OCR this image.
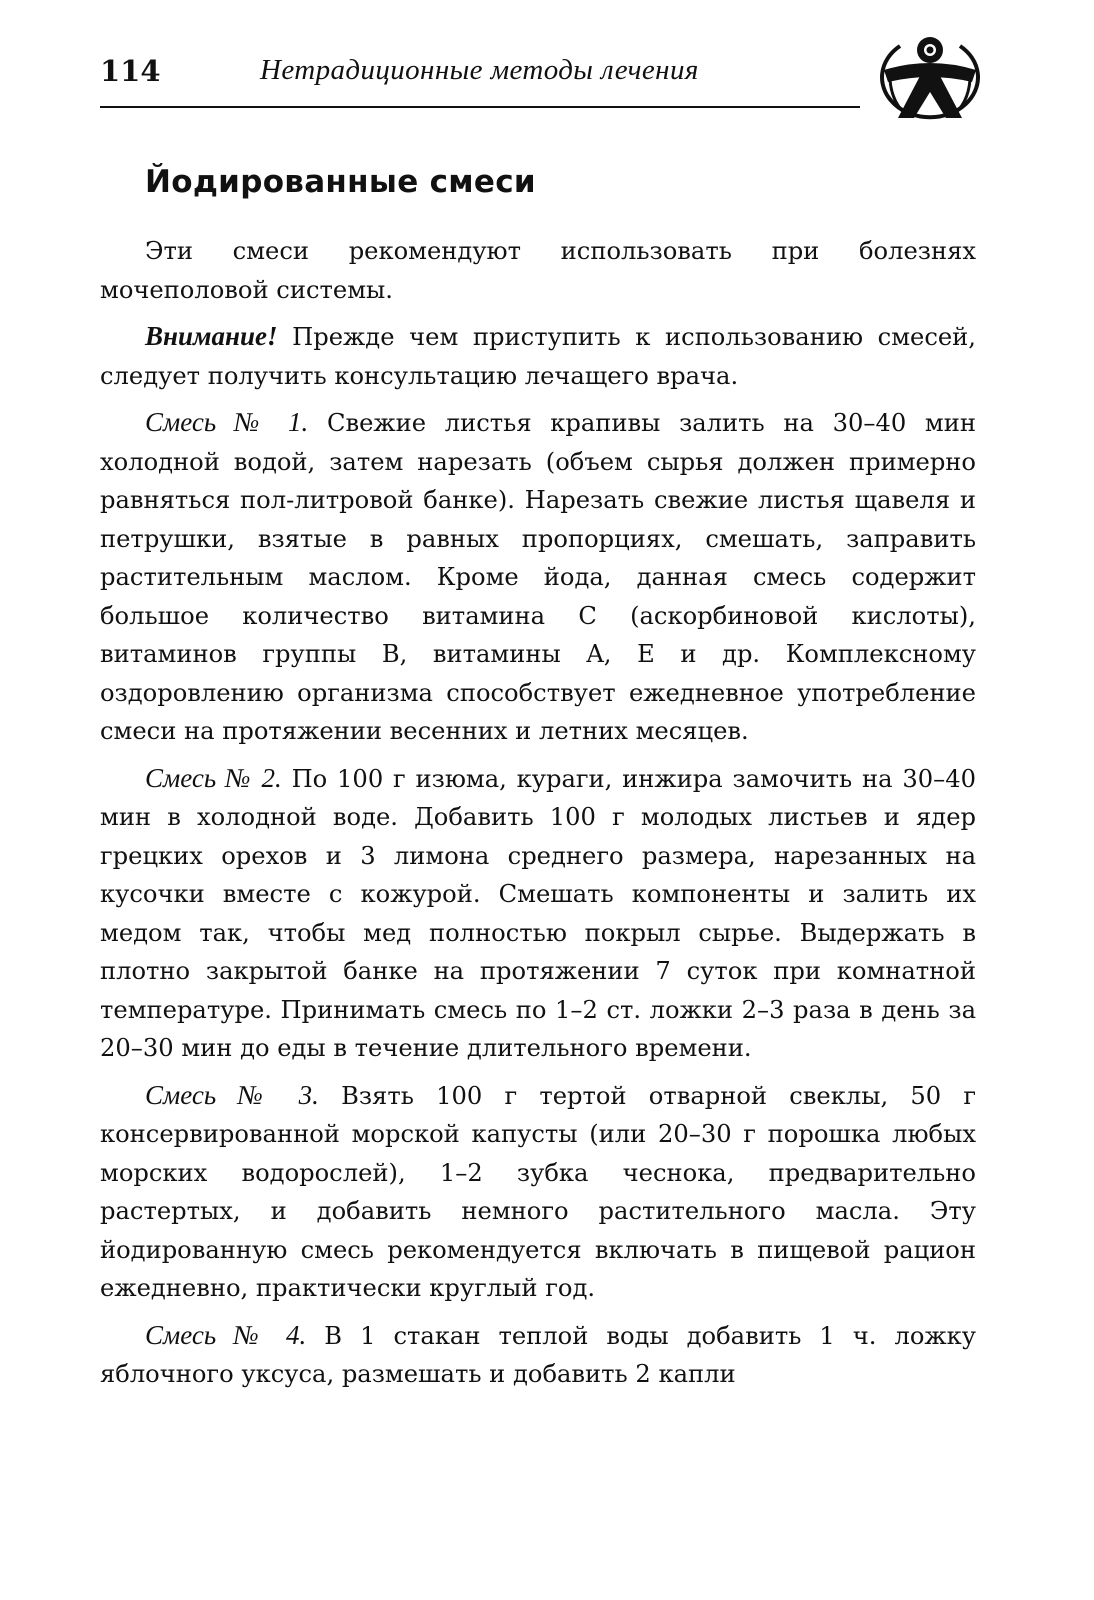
114	Нетрадиционные методы лечения
Йодированные смеси

Эти смеси рекомендуют использовать при болезнях мочеполовой системы.

Внимание! Прежде чем приступить к использованию смесей, следует получить консультацию лечащего врача.

Смесь № 1. Свежие листья крапивы залить на 30–40 мин холодной водой, затем нарезать (объем сырья должен примерно равняться пол-литровой банке). Нарезать свежие листья щавеля и петрушки, взятые в равных пропорциях, смешать, заправить растительным маслом. Кроме йода, данная смесь содержит большое количество витамина C (аскорбиновой кислоты), витаминов группы B, витамины A, E и др. Комплексному оздоровлению организма способствует ежедневное употребление смеси на протяжении весенних и летних месяцев.

Смесь № 2. По 100 г изюма, кураги, инжира замочить на 30–40 мин в холодной воде. Добавить 100 г молодых листьев и ядер грецких орехов и 3 лимона среднего размера, нарезанных на кусочки вместе с кожурой. Смешать компоненты и залить их медом так, чтобы мед полностью покрыл сырье. Выдержать в плотно закрытой банке на протяжении 7 суток при комнатной температуре. Принимать смесь по 1–2 ст. ложки 2–3 раза в день за 20–30 мин до еды в течение длительного времени.

Смесь № 3. Взять 100 г тертой отварной свеклы, 50 г консервированной морской капусты (или 20–30 г порошка любых морских водорослей), 1–2 зубка чеснока, предварительно растертых, и добавить немного растительного масла. Эту йодированную смесь рекомендуется включать в пищевой рацион ежедневно, практически круглый год.

Смесь № 4. В 1 стакан теплой воды добавить 1 ч. ложку яблочного уксуса, размешать и добавить 2 капли
